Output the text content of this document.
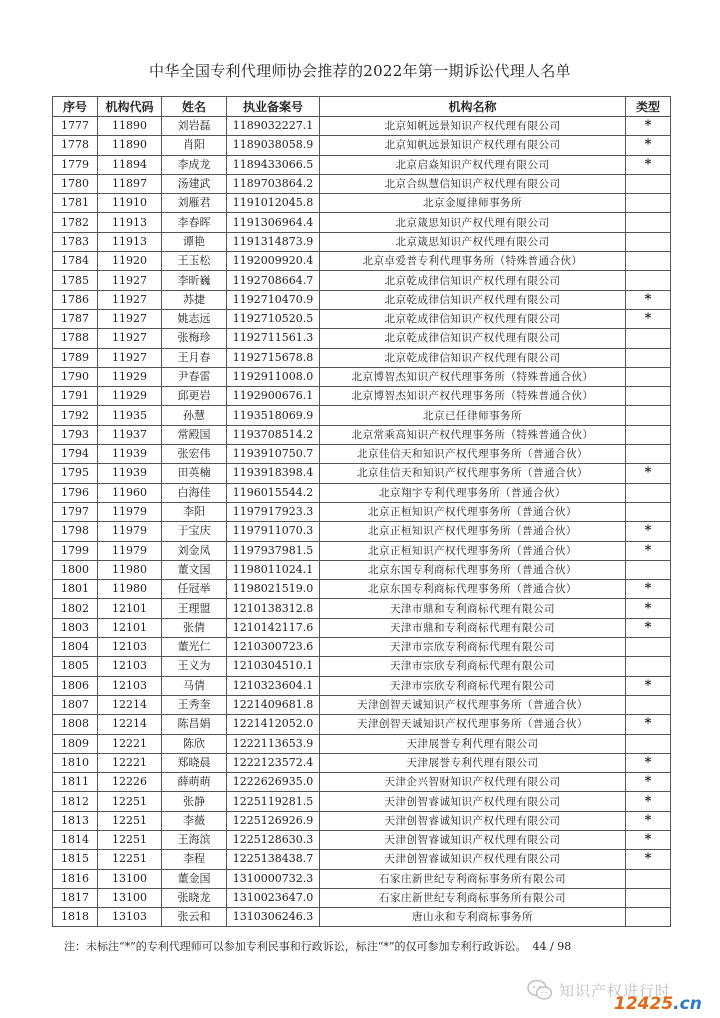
中华全国专利代理师协会推荐的2022年第一期诉讼代理人名单
序号	机构代码	姓名	执业备案号	机构名称	类型
1777	11890	刘岩磊	1189032227.1	北京知帆远景知识产权代理有限公司	*
1778	11890	肖阳	1189038058.9	北京知帆远景知识产权代理有限公司	*
1779	11894	李成龙	1189433066.5	北京启焱知识产权代理有限公司	*
1780	11897	汤建武	1189703864.2	北京合纵慧信知识产权代理有限公司	
1781	11910	刘雁君	1191012045.8	北京金厦律师事务所	
1782	11913	李春晖	1191306964.4	北京箴思知识产权代理有限公司	
1783	11913	谭艳	1191314873.9	北京箴思知识产权代理有限公司	
1784	11920	王玉松	1192009920.4	北京卓爱普专利代理事务所（特殊普通合伙）	
1785	11927	李昕巍	1192708664.7	北京乾成律信知识产权代理有限公司	
1786	11927	苏捷	1192710470.9	北京乾成律信知识产权代理有限公司	*
1787	11927	姚志远	1192710520.5	北京乾成律信知识产权代理有限公司	*
1788	11927	张梅珍	1192711561.3	北京乾成律信知识产权代理有限公司	
1789	11927	王月春	1192715678.8	北京乾成律信知识产权代理有限公司	
1790	11929	尹春雷	1192911008.0	北京博智杰知识产权代理事务所（特殊普通合伙）	
1791	11929	邱更岩	1192900676.1	北京博智杰知识产权代理事务所（特殊普通合伙）	
1792	11935	孙慧	1193518069.9	北京已任律师事务所	
1793	11937	常殿国	1193708514.2	北京常乘高知识产权代理事务所（特殊普通合伙）	
1794	11939	张宏伟	1193910750.7	北京佳信天和知识产权代理事务所（普通合伙）	
1795	11939	田英楠	1193918398.4	北京佳信天和知识产权代理事务所（普通合伙）	*
1796	11960	白海佳	1196015544.2	北京翔宇专利代理事务所（普通合伙）	
1797	11979	李阳	1197917923.3	北京正桓知识产权代理事务所（普通合伙）	
1798	11979	于宝庆	1197911070.3	北京正桓知识产权代理事务所（普通合伙）	*
1799	11979	刘金凤	1197937981.5	北京正桓知识产权代理事务所（普通合伙）	*
1800	11980	董文国	1198011024.1	北京东国专利商标代理事务所（普通合伙）	
1801	11980	任冠举	1198021519.0	北京东国专利商标代理事务所（普通合伙）	*
1802	12101	王理盟	1210138312.8	天津市鼎和专利商标代理有限公司	*
1803	12101	张倩	1210142117.6	天津市鼎和专利商标代理有限公司	*
1804	12103	董光仁	1210300723.6	天津市宗欣专利商标代理有限公司	
1805	12103	王义为	1210304510.1	天津市宗欣专利商标代理有限公司	
1806	12103	马倩	1210323604.1	天津市宗欣专利商标代理有限公司	*
1807	12214	王秀奎	1221409681.8	天津创智天诚知识产权代理事务所（普通合伙）	
1808	12214	陈昌娟	1221412052.0	天津创智天诚知识产权代理事务所（普通合伙）	*
1809	12221	陈欣	1222113653.9	天津展誉专利代理有限公司	
1810	12221	郑晓晨	1222123572.4	天津展誉专利代理有限公司	*
1811	12226	薛萌萌	1222626935.0	天津企兴智财知识产权代理有限公司	*
1812	12251	张静	1225119281.5	天津创智睿诚知识产权代理有限公司	*
1813	12251	李薇	1225126926.9	天津创智睿诚知识产权代理有限公司	*
1814	12251	王海滨	1225128630.3	天津创智睿诚知识产权代理有限公司	*
1815	12251	李程	1225138438.7	天津创智睿诚知识产权代理有限公司	*
1816	13100	董金国	1310000732.3	石家庄新世纪专利商标事务所有限公司	
1817	13100	张晓龙	1310023647.0	石家庄新世纪专利商标事务所有限公司	
1818	13103	张云和	1310306246.3	唐山永和专利商标事务所	
注：未标注“*”的专利代理师可以参加专利民事和行政诉讼，标注“*”的仅可参加专利行政诉讼。 44 / 98
知识产权进行时
12425.cn
